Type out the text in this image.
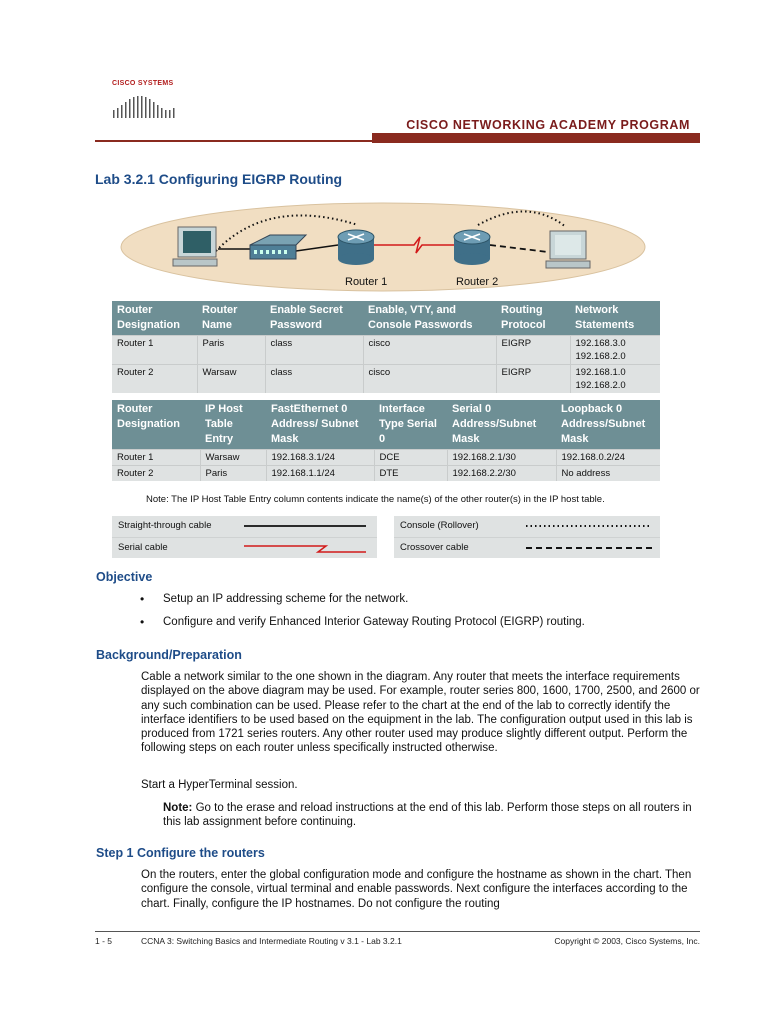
CISCO SYSTEMS
CISCO NETWORKING ACADEMY PROGRAM
Lab 3.2.1 Configuring EIGRP Routing
Router 1	Router 2
Router Designation	Router Name	Enable Secret Password	Enable, VTY, and Console Passwords	Routing Protocol	Network Statements
Router 1	Paris	class	cisco	EIGRP	192.168.3.0
192.168.2.0
Router 2	Warsaw	class	cisco	EIGRP	192.168.1.0
192.168.2.0
Router Designation	IP Host Table Entry	FastEthernet 0 Address/ Subnet Mask	Interface Type Serial 0	Serial 0 Address/Subnet Mask	Loopback 0 Address/Subnet Mask
Router 1	Warsaw	192.168.3.1/24	DCE	192.168.2.1/30	192.168.0.2/24
Router 2	Paris	192.168.1.1/24	DTE	192.168.2.2/30	No address
Note: The IP Host Table Entry column contents indicate the name(s) of the other router(s) in the IP host table.
Straight-through cable
Serial cable
Console (Rollover)
Crossover cable
Objective
• Setup an IP addressing scheme for the network.
• Configure and verify Enhanced Interior Gateway Routing Protocol (EIGRP) routing.
Background/Preparation

Cable a network similar to the one shown in the diagram. Any router that meets the interface requirements displayed on the above diagram may be used. For example, router series 800, 1600, 1700, 2500, and 2600 or any such combination can be used. Please refer to the chart at the end of the lab to correctly identify the interface identifiers to be used based on the equipment in the lab. The configuration output used in this lab is produced from 1721 series routers. Any other router used may produce slightly different output. Perform the following steps on each router unless specifically instructed otherwise.

Start a HyperTerminal session.

Note: Go to the erase and reload instructions at the end of this lab. Perform those steps on all routers in this lab assignment before continuing.

Step 1 Configure the routers

On the routers, enter the global configuration mode and configure the hostname as shown in the chart. Then configure the console, virtual terminal and enable passwords. Next configure the interfaces according to the chart. Finally, configure the IP hostnames. Do not configure the routing

1 - 5	CCNA 3: Switching Basics and Intermediate Routing v 3.1 - Lab 3.2.1	Copyright © 2003, Cisco Systems, Inc.
